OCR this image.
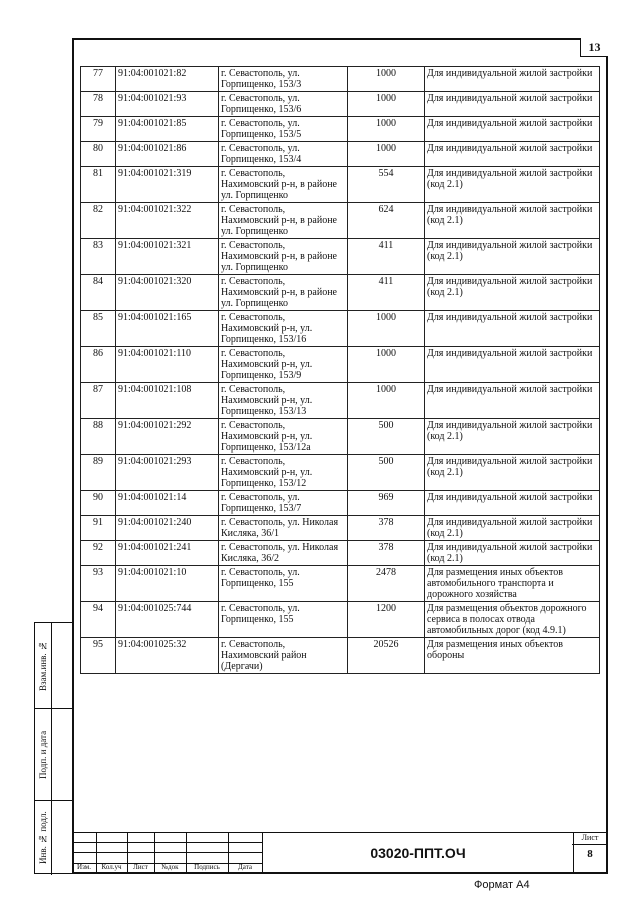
13
77	91:04:001021:82	г. Севастополь, ул. Горпищенко, 153/3	1000	Для индивидуальной жилой застройки
78	91:04:001021:93	г. Севастополь, ул. Горпищенко, 153/6	1000	Для индивидуальной жилой застройки
79	91:04:001021:85	г. Севастополь, ул. Горпищенко, 153/5	1000	Для индивидуальной жилой застройки
80	91:04:001021:86	г. Севастополь, ул. Горпищенко, 153/4	1000	Для индивидуальной жилой застройки
81	91:04:001021:319	г. Севастополь, Нахимовский р-н, в районе ул. Горпищенко	554	Для индивидуальной жилой застройки (код 2.1)
82	91:04:001021:322	г. Севастополь, Нахимовский р-н, в районе ул. Горпищенко	624	Для индивидуальной жилой застройки (код 2.1)
83	91:04:001021:321	г. Севастополь, Нахимовский р-н, в районе ул. Горпищенко	411	Для индивидуальной жилой застройки (код 2.1)
84	91:04:001021:320	г. Севастополь, Нахимовский р-н, в районе ул. Горпищенко	411	Для индивидуальной жилой застройки (код 2.1)
85	91:04:001021:165	г. Севастополь, Нахимовский р-н, ул. Горпищенко, 153/16	1000	Для индивидуальной жилой застройки
86	91:04:001021:110	г. Севастополь, Нахимовский р-н, ул. Горпищенко, 153/9	1000	Для индивидуальной жилой застройки
87	91:04:001021:108	г. Севастополь, Нахимовский р-н, ул. Горпищенко, 153/13	1000	Для индивидуальной жилой застройки
88	91:04:001021:292	г. Севастополь, Нахимовский р-н, ул. Горпищенко, 153/12а	500	Для индивидуальной жилой застройки (код 2.1)
89	91:04:001021:293	г. Севастополь, Нахимовский р-н, ул. Горпищенко, 153/12	500	Для индивидуальной жилой застройки (код 2.1)
90	91:04:001021:14	г. Севастополь, ул. Горпищенко, 153/7	969	Для индивидуальной жилой застройки
91	91:04:001021:240	г. Севастополь, ул. Николая Кисляка, 36/1	378	Для индивидуальной жилой застройки (код 2.1)
92	91:04:001021:241	г. Севастополь, ул. Николая Кисляка, 36/2	378	Для индивидуальной жилой застройки (код 2.1)
93	91:04:001021:10	г. Севастополь, ул. Горпищенко, 155	2478	Для размещения иных объектов автомобильного транспорта и дорожного хозяйства
94	91:04:001025:744	г. Севастополь, ул. Горпищенко, 155	1200	Для размещения объектов дорожного сервиса в полосах отвода автомобильных дорог (код 4.9.1)
95	91:04:001025:32	г. Севастополь, Нахимовский район (Дергачи)	20526	Для размещения иных объектов обороны
Взам.инв. №
Подп. и дата
Инв. № подл.
Изм.	Кол.уч	Лист	№док	Подпись	Дата
03020-ППТ.ОЧ
Лист
8
Формат А4
